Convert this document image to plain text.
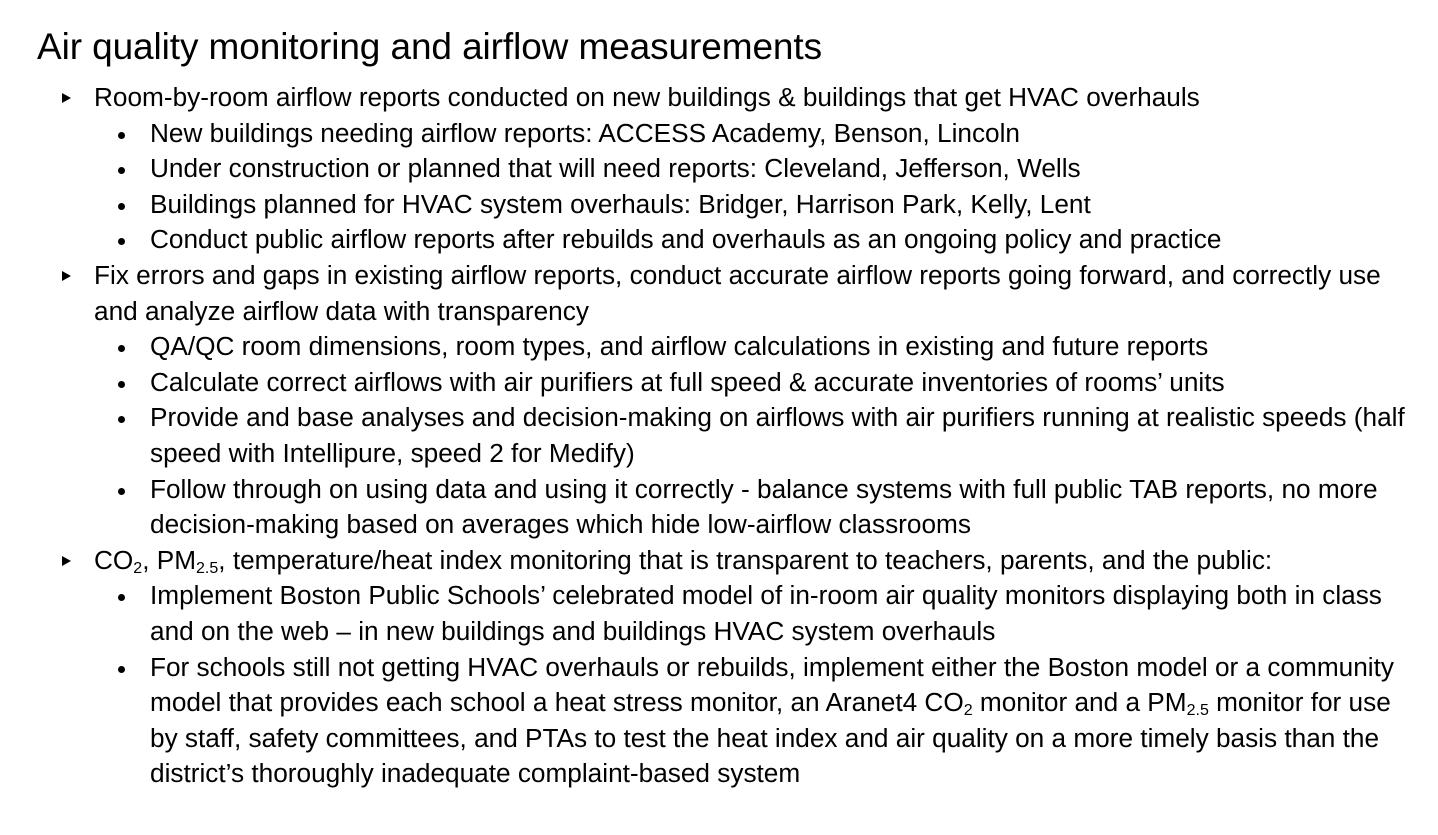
Air quality monitoring and airflow measurements
Room-by-room airflow reports conducted on new buildings & buildings that get HVAC overhauls
New buildings needing airflow reports: ACCESS Academy, Benson, Lincoln
Under construction or planned that will need reports: Cleveland, Jefferson, Wells
Buildings planned for HVAC system overhauls: Bridger, Harrison Park, Kelly, Lent
Conduct public airflow reports after rebuilds and overhauls as an ongoing policy and practice
Fix errors and gaps in existing airflow reports, conduct accurate airflow reports going forward, and correctly use and analyze airflow data with transparency
QA/QC room dimensions, room types, and airflow calculations in existing and future reports
Calculate correct airflows with air purifiers at full speed & accurate inventories of rooms’ units
Provide and base analyses and decision-making on airflows with air purifiers running at realistic speeds (half speed with Intellipure, speed 2 for Medify)
Follow through on using data and using it correctly - balance systems with full public TAB reports, no more decision-making based on averages which hide low-airflow classrooms
$CO_2$, $PM_{2.5}$, temperature/heat index monitoring that is transparent to teachers, parents, and the public:
Implement Boston Public Schools’ celebrated model of in-room air quality monitors displaying both in class and on the web – in new buildings and buildings HVAC system overhauls
For schools still not getting HVAC overhauls or rebuilds, implement either the Boston model or a community model that provides each school a heat stress monitor, an Aranet4 $CO_2$ monitor and a $PM_{2.5}$ monitor for use by staff, safety committees, and PTAs to test the heat index and air quality on a more timely basis than the district’s thoroughly inadequate complaint-based system
